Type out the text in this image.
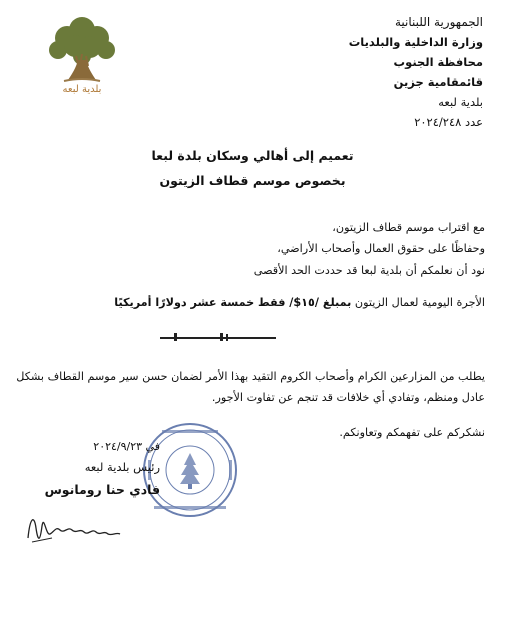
الجمهورية اللبنانية
وزارة الداخلية والبلديات
محافظة الجنوب
قائمقامية جزين
بلدية لبعه
عدد ٢٠٢٤/٢٤٨
بلدية لبعه
تعميم إلى أهالي وسكان بلدة لبعا
بخصوص موسم قطاف الزيتون
مع اقتراب موسم قطاف الزيتون،
وحفاظًا على حقوق العمال وأصحاب الأراضي،
نود أن نعلمكم أن بلدية لبعا قد حددت الحد الأقصى
الأجرة اليومية لعمال الزيتون بمبلغ /١٥$/ فقط خمسة عشر دولارًا أمريكيًا
يطلب من المزارعين الكرام وأصحاب الكروم التقيد بهذا الأمر لضمان حسن سير موسم القطاف بشكل
عادل ومنظم، وتفادي أي خلافات قد تنجم عن تفاوت الأجور.
نشكركم على تفهمكم وتعاونكم.
في ٢٠٢٤/٩/٢٣
رئيس بلدية لبعه
فادي حنا رومانوس
